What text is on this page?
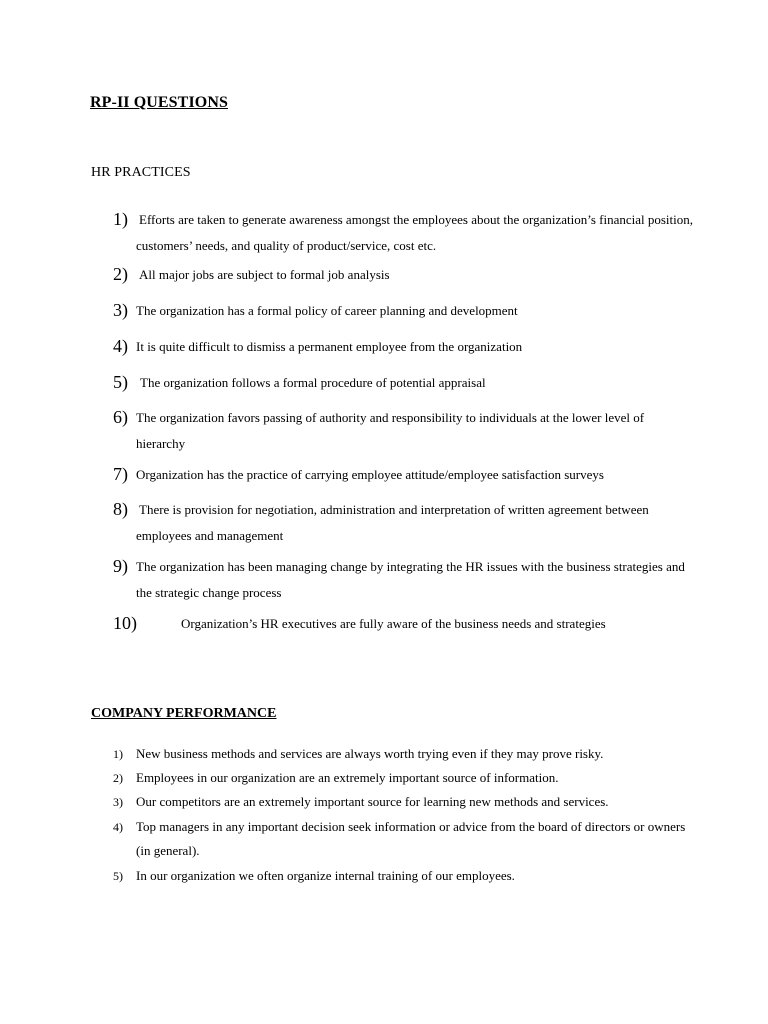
RP-II QUESTIONS
HR PRACTICES
1) Efforts are taken to generate awareness amongst the employees about the organization’s financial position, customers’ needs, and quality of product/service, cost etc.
2) All major jobs are subject to formal job analysis
3) The organization has a formal policy of career planning and development
4) It is quite difficult to dismiss a permanent employee from the organization
5) The organization follows a formal procedure of potential appraisal
6) The organization favors passing of authority and responsibility to individuals at the lower level of hierarchy
7) Organization has the practice of carrying employee attitude/employee satisfaction surveys
8) There is provision for negotiation, administration and interpretation of written agreement between employees and management
9) The organization has been managing change by integrating the HR issues with the business strategies and the strategic change process
10)	Organization’s HR executives are fully aware of the business needs and strategies
COMPANY PERFORMANCE
1) New business methods and services are always worth trying even if they may prove risky.
2) Employees in our organization are an extremely important source of information.
3) Our competitors are an extremely important source for learning new methods and services.
4) Top managers in any important decision seek information or advice from the board of directors or owners (in general).
5) In our organization we often organize internal training of our employees.
